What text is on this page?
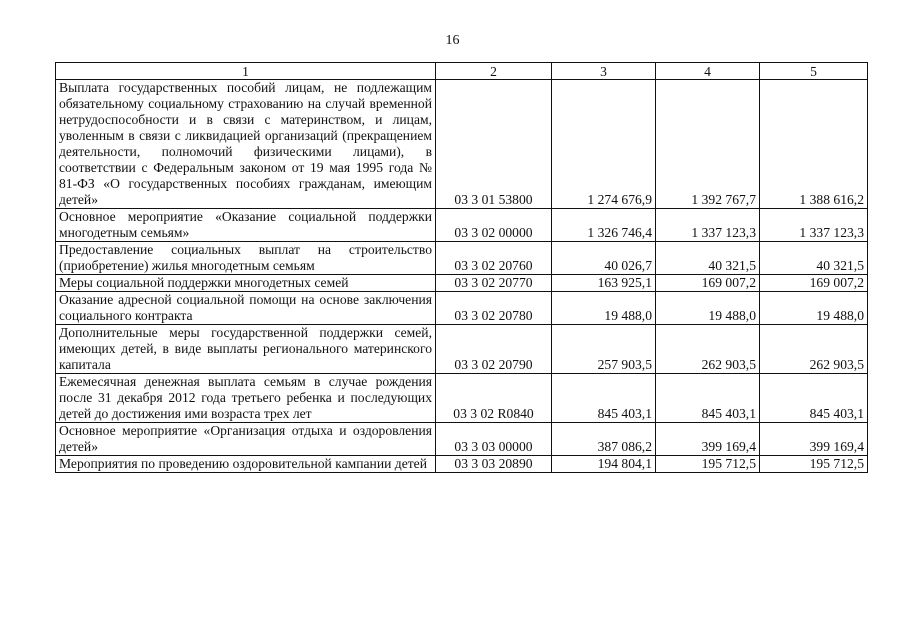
16
1	2	3	4	5
Выплата государственных пособий лицам, не подлежащим обязательному социальному страхованию на случай временной нетрудоспособности и в связи с материнством, и лицам, уволенным в связи с ликвидацией организаций (прекращением деятельности, полномочий физическими лицами), в соответствии с Федеральным законом от 19 мая 1995 года № 81-ФЗ «О государственных пособиях гражданам, имеющим детей»	03 3 01 53800	1 274 676,9	1 392 767,7	1 388 616,2
Основное мероприятие «Оказание социальной поддержки многодетным семьям»	03 3 02 00000	1 326 746,4	1 337 123,3	1 337 123,3
Предоставление социальных выплат на строительство (приобретение) жилья многодетным семьям	03 3 02 20760	40 026,7	40 321,5	40 321,5
Меры социальной поддержки многодетных семей	03 3 02 20770	163 925,1	169 007,2	169 007,2
Оказание адресной социальной помощи на основе заключения социального контракта	03 3 02 20780	19 488,0	19 488,0	19 488,0
Дополнительные меры государственной поддержки семей, имеющих детей, в виде выплаты регионального материнского капитала	03 3 02 20790	257 903,5	262 903,5	262 903,5
Ежемесячная денежная выплата семьям в случае рождения после 31 декабря 2012 года третьего ребенка и последующих детей до достижения ими возраста трех лет	03 3 02 R0840	845 403,1	845 403,1	845 403,1
Основное мероприятие «Организация отдыха и оздоровления детей»	03 3 03 00000	387 086,2	399 169,4	399 169,4
Мероприятия по проведению оздоровительной кампании детей	03 3 03 20890	194 804,1	195 712,5	195 712,5
